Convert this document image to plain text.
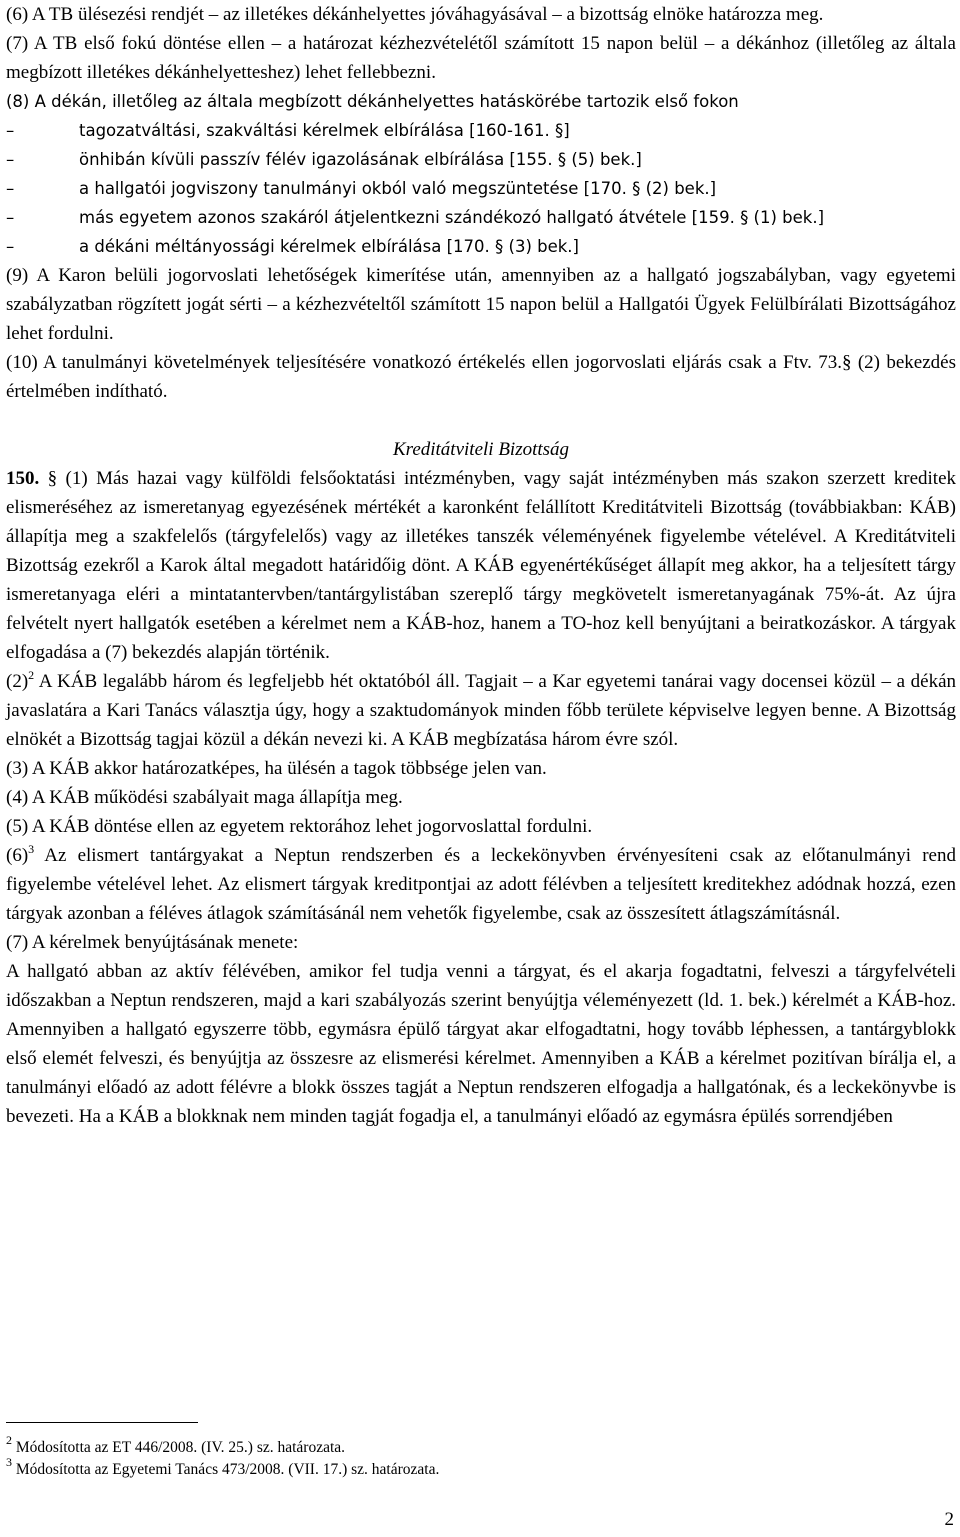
(6) A TB ülésezési rendjét – az illetékes dékánhelyettes jóváhagyásával – a bizottság elnöke határozza meg.

(7) A TB első fokú döntése ellen – a határozat kézhezvételétől számított 15 napon belül – a dékánhoz (illetőleg az általa megbízott illetékes dékánhelyetteshez) lehet fellebbezni.

(8) A dékán, illetőleg az általa megbízott dékánhelyettes hatáskörébe tartozik első fokon

–	tagozatváltási, szakváltási kérelmek elbírálása [160-161. §]
–	önhibán kívüli passzív félév igazolásának elbírálása [155. § (5) bek.]
–	a hallgatói jogviszony tanulmányi okból való megszüntetése [170. § (2) bek.]
–	más egyetem azonos szakáról átjelentkezni szándékozó hallgató átvétele [159. § (1) bek.]
–	a dékáni méltányossági kérelmek elbírálása [170. § (3) bek.]

(9) A Karon belüli jogorvoslati lehetőségek kimerítése után, amennyiben az a hallgató jogszabályban, vagy egyetemi szabályzatban rögzített jogát sérti – a kézhezvételtől számított 15 napon belül a Hallgatói Ügyek Felülbírálati Bizottságához lehet fordulni.

(10) A tanulmányi követelmények teljesítésére vonatkozó értékelés ellen jogorvoslati eljárás csak a Ftv. 73.§ (2) bekezdés értelmében indítható.

Kreditátviteli Bizottság

150. § (1) Más hazai vagy külföldi felsőoktatási intézményben, vagy saját intézményben más szakon szerzett kreditek elismeréséhez az ismeretanyag egyezésének mértékét a karonként felállított Kreditátviteli Bizottság (továbbiakban: KÁB) állapítja meg a szakfelelős (tárgyfelelős) vagy az illetékes tanszék véleményének figyelembe vételével. A Kreditátviteli Bizottság ezekről a Karok által megadott határidőig dönt. A KÁB egyenértékűséget állapít meg akkor, ha a teljesített tárgy ismeretanyaga eléri a mintatantervben/tantárgylistában szereplő tárgy megkövetelt ismeretanyagának 75%-át. Az újra felvételt nyert hallgatók esetében a kérelmet nem a KÁB-hoz, hanem a TO-hoz kell benyújtani a beiratkozáskor. A tárgyak elfogadása a (7) bekezdés alapján történik.

$(2)^2$ A KÁB legalább három és legfeljebb hét oktatóból áll. Tagjait – a Kar egyetemi tanárai vagy docensei közül – a dékán javaslatára a Kari Tanács választja úgy, hogy a szaktudományok minden főbb területe képviselve legyen benne. A Bizottság elnökét a Bizottság tagjai közül a dékán nevezi ki. A KÁB megbízatása három évre szól.

(3) A KÁB akkor határozatképes, ha ülésén a tagok többsége jelen van.

(4) A KÁB működési szabályait maga állapítja meg.

(5) A KÁB döntése ellen az egyetem rektorához lehet jogorvoslattal fordulni.

$(6)^3$ Az elismert tantárgyakat a Neptun rendszerben és a leckekönyvben érvényesíteni csak az előtanulmányi rend figyelembe vételével lehet. Az elismert tárgyak kreditpontjai az adott félévben a teljesített kreditekhez adódnak hozzá, ezen tárgyak azonban a féléves átlagok számításánál nem vehetők figyelembe, csak az összesített átlagszámításnál.

(7) A kérelmek benyújtásának menete:

A hallgató abban az aktív félévében, amikor fel tudja venni a tárgyat, és el akarja fogadtatni, felveszi a tárgyfelvételi időszakban a Neptun rendszeren, majd a kari szabályozás szerint benyújtja véleményezett (ld. 1. bek.) kérelmét a KÁB-hoz. Amennyiben a hallgató egyszerre több, egymásra épülő tárgyat akar elfogadtatni, hogy tovább léphessen, a tantárgyblokk első elemét felveszi, és benyújtja az összesre az elismerési kérelmet. Amennyiben a KÁB a kérelmet pozitívan bírálja el, a tanulmányi előadó az adott félévre a blokk összes tagját a Neptun rendszeren elfogadja a hallgatónak, és a leckekönyvbe is bevezeti. Ha a KÁB a blokknak nem minden tagját fogadja el, a tanulmányi előadó az egymásra épülés sorrendjében

$^2$ Módosította az ET 446/2008. (IV. 25.) sz. határozata.
$^3$ Módosította az Egyetemi Tanács 473/2008. (VII. 17.) sz. határozata.
2
